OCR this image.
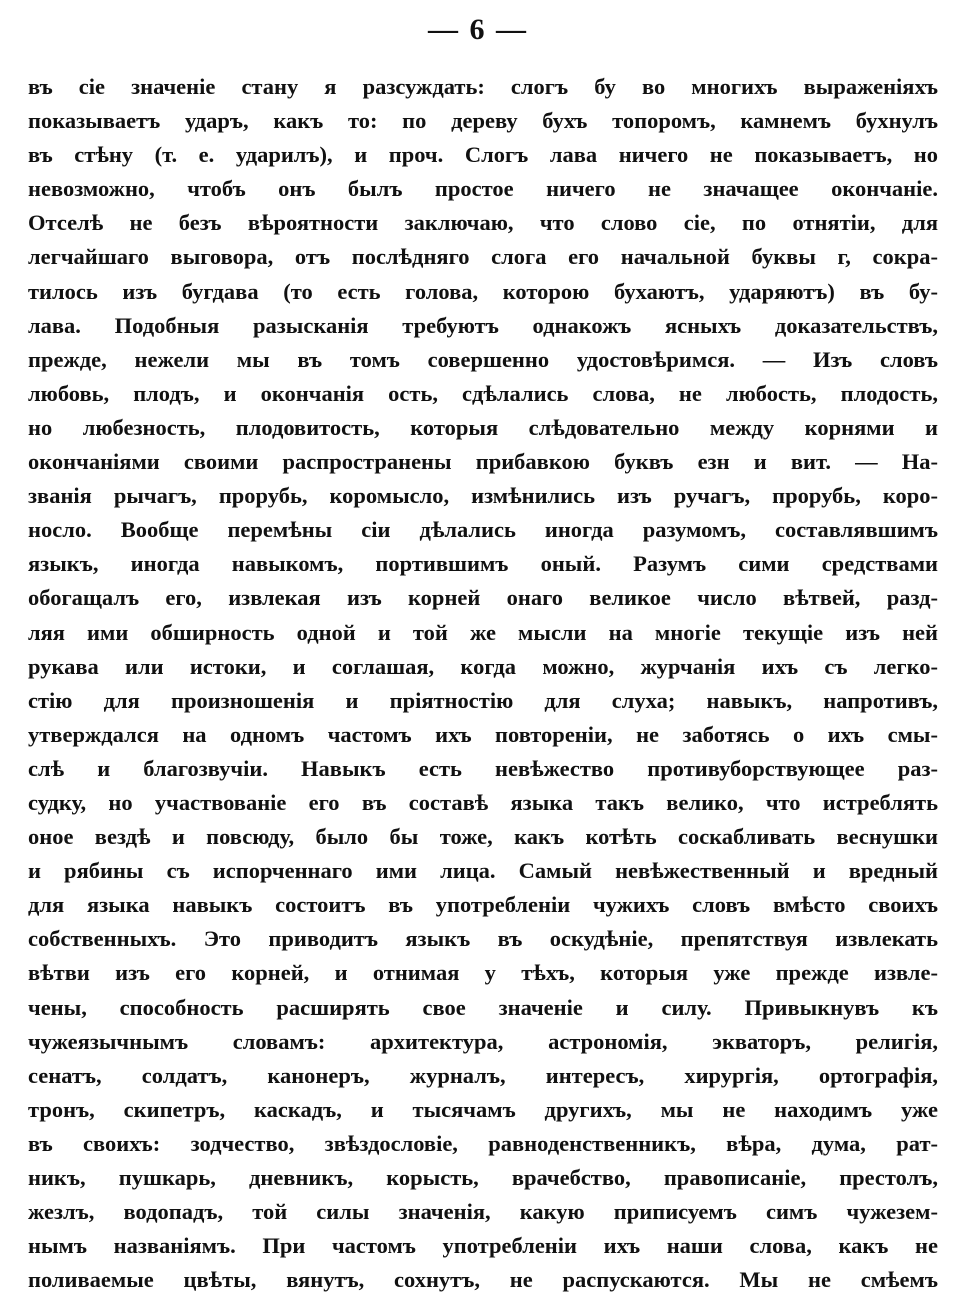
— 6 —
въ сіе значеніе стану я разсуждать: слогъ бу во многихъ выраженіяхъ
показываетъ ударъ, какъ то: по дереву бухъ топоромъ, камнемъ бухнулъ
въ стѣну (т. е. ударилъ), и проч. Слогъ лава ничего не показываетъ, но
невозможно, чтобъ онъ былъ простое ничего не значащее окончаніе.
Отселѣ не безъ вѣроятности заключаю, что слово сіе, по отнятіи, для
легчайшаго выговора, отъ послѣдняго слога его начальной буквы г, сокра-
тилось изъ бугдава (то есть голова, которою бухаютъ, ударяютъ) въ бу-
лава. Подобныя разысканія требуютъ однакожъ ясныхъ доказательствъ,
прежде, нежели мы въ томъ совершенно удостовѣримся. — Изъ словъ
любовь, плодъ, и окончанія ость, сдѣлались слова, не любость, плодость,
но любезность, плодовитость, которыя слѣдовательно между корнями и
окончаніями своими распространены прибавкою буквъ езн и вит. — На-
званія рычагъ, прорубь, коромысло, измѣнились изъ ручагъ, прорубь, коро-
носло. Вообще перемѣны сіи дѣлались иногда разумомъ, составлявшимъ
языкъ, иногда навыкомъ, портившимъ оный. Разумъ сими средствами
обогащалъ его, извлекая изъ корней онаго великое число вѣтвей, разд-
ляя ими обширность одной и той же мысли на многіе текущіе изъ ней
рукава или истоки, и соглашая, когда можно, журчанія ихъ съ легко-
стію для произношенія и пріятностію для слуха; навыкъ, напротивъ,
утверждался на одномъ частомъ ихъ повтореніи, не заботясь о ихъ смы-
слѣ и благозвучіи. Навыкъ есть невѣжество противуборствующее раз-
судку, но участвованіе его въ составѣ языка такъ велико, что истреблять
оное вездѣ и повсюду, было бы тоже, какъ котѣть соскабливать веснушки
и рябины съ испорченнаго ими лица. Самый невѣжественный и вредный
для языка навыкъ состоитъ въ употребленіи чужихъ словъ вмѣсто своихъ
собственныхъ. Это приводитъ языкъ въ оскудѣніе, препятствуя извлекать
вѣтви изъ его корней, и отнимая у тѣхъ, которыя уже прежде извле-
чены, способность расширять свое значеніе и силу. Привыкнувъ къ
чужеязычнымъ словамъ: архитектура, астрономія, экваторъ, религія,
сенатъ, солдатъ, канонеръ, журналъ, интересъ, хирургія, ортографія,
тронъ, скипетръ, каскадъ, и тысячамъ другихъ, мы не находимъ уже
въ своихъ: зодчество, звѣздословіе, равноденственникъ, вѣра, дума, рат-
никъ, пушкарь, дневникъ, корысть, врачебство, правописаніе, престолъ,
жезлъ, водопадъ, той силы значенія, какую приписуемъ симъ чужезем-
нымъ названіямъ. При частомъ употребленіи ихъ наши слова, какъ не
поливаемые цвѣты, вянутъ, сохнутъ, не распускаются. Мы не смѣемъ
